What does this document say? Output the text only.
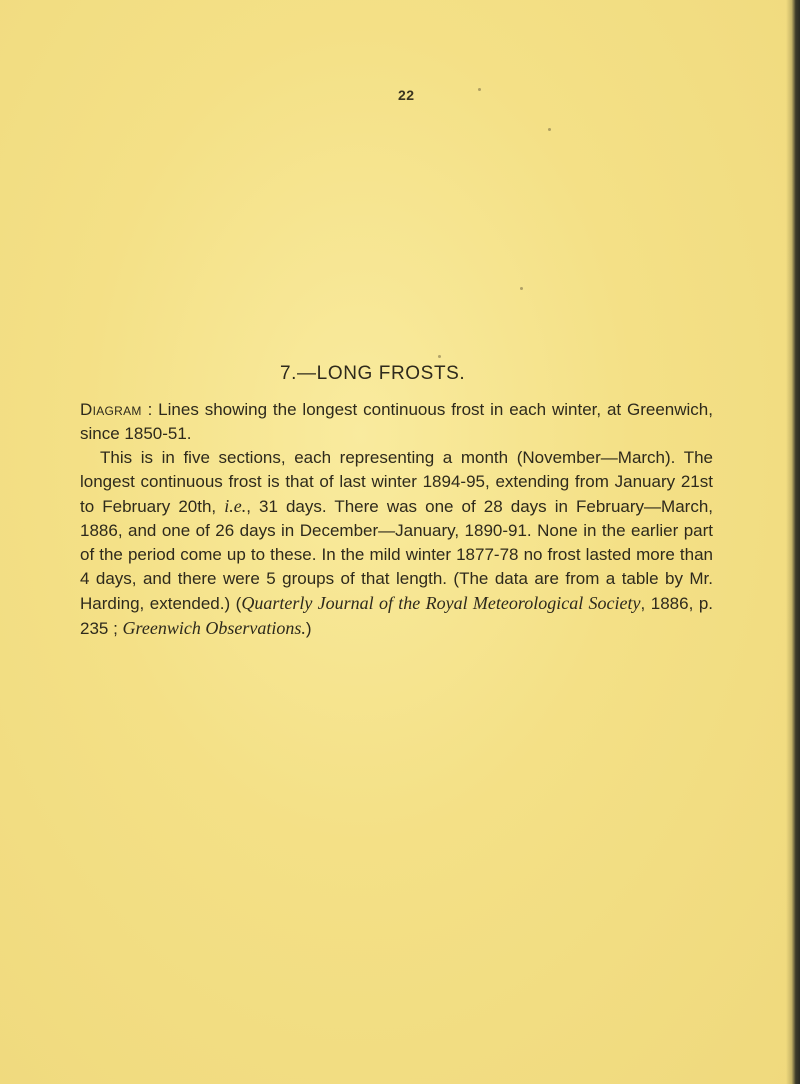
22
7.—LONG FROSTS.

Diagram : Lines showing the longest continuous frost in each winter, at Greenwich, since 1850-51.

This is in five sections, each representing a month (November—March). The longest continuous frost is that of last winter 1894-95, extending from January 21st to February 20th, i.e., 31 days. There was one of 28 days in February—March, 1886, and one of 26 days in December—January, 1890-91. None in the earlier part of the period come up to these. In the mild winter 1877-78 no frost lasted more than 4 days, and there were 5 groups of that length. (The data are from a table by Mr. Harding, extended.) (Quarterly Journal of the Royal Meteorological Society, 1886, p. 235 ; Greenwich Observations.)
